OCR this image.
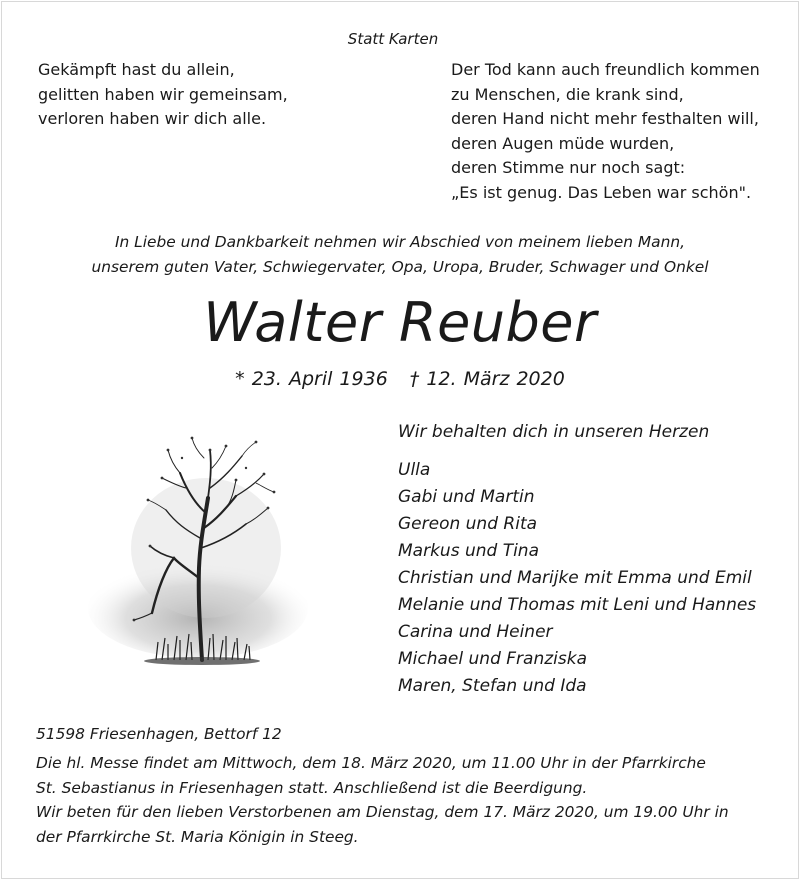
Statt Karten
Gekämpft hast du allein,
gelitten haben wir gemeinsam,
verloren haben wir dich alle.
Der Tod kann auch freundlich kommen
zu Menschen, die krank sind,
deren Hand nicht mehr festhalten will,
deren Augen müde wurden,
deren Stimme nur noch sagt:
„Es ist genug. Das Leben war schön".
In Liebe und Dankbarkeit nehmen wir Abschied von meinem lieben Mann,
unserem guten Vater, Schwiegervater, Opa, Uropa, Bruder, Schwager und Onkel
Walter Reuber
* 23. April 1936 † 12. März 2020
Wir behalten dich in unseren Herzen
Ulla
Gabi und Martin
Gereon und Rita
Markus und Tina
Christian und Marijke mit Emma und Emil
Melanie und Thomas mit Leni und Hannes
Carina und Heiner
Michael und Franziska
Maren, Stefan und Ida
51598 Friesenhagen, Bettorf 12
Die hl. Messe findet am Mittwoch, dem 18. März 2020, um 11.00 Uhr in der Pfarrkirche
St. Sebastianus in Friesenhagen statt. Anschließend ist die Beerdigung.
Wir beten für den lieben Verstorbenen am Dienstag, dem 17. März 2020, um 19.00 Uhr in
der Pfarrkirche St. Maria Königin in Steeg.
